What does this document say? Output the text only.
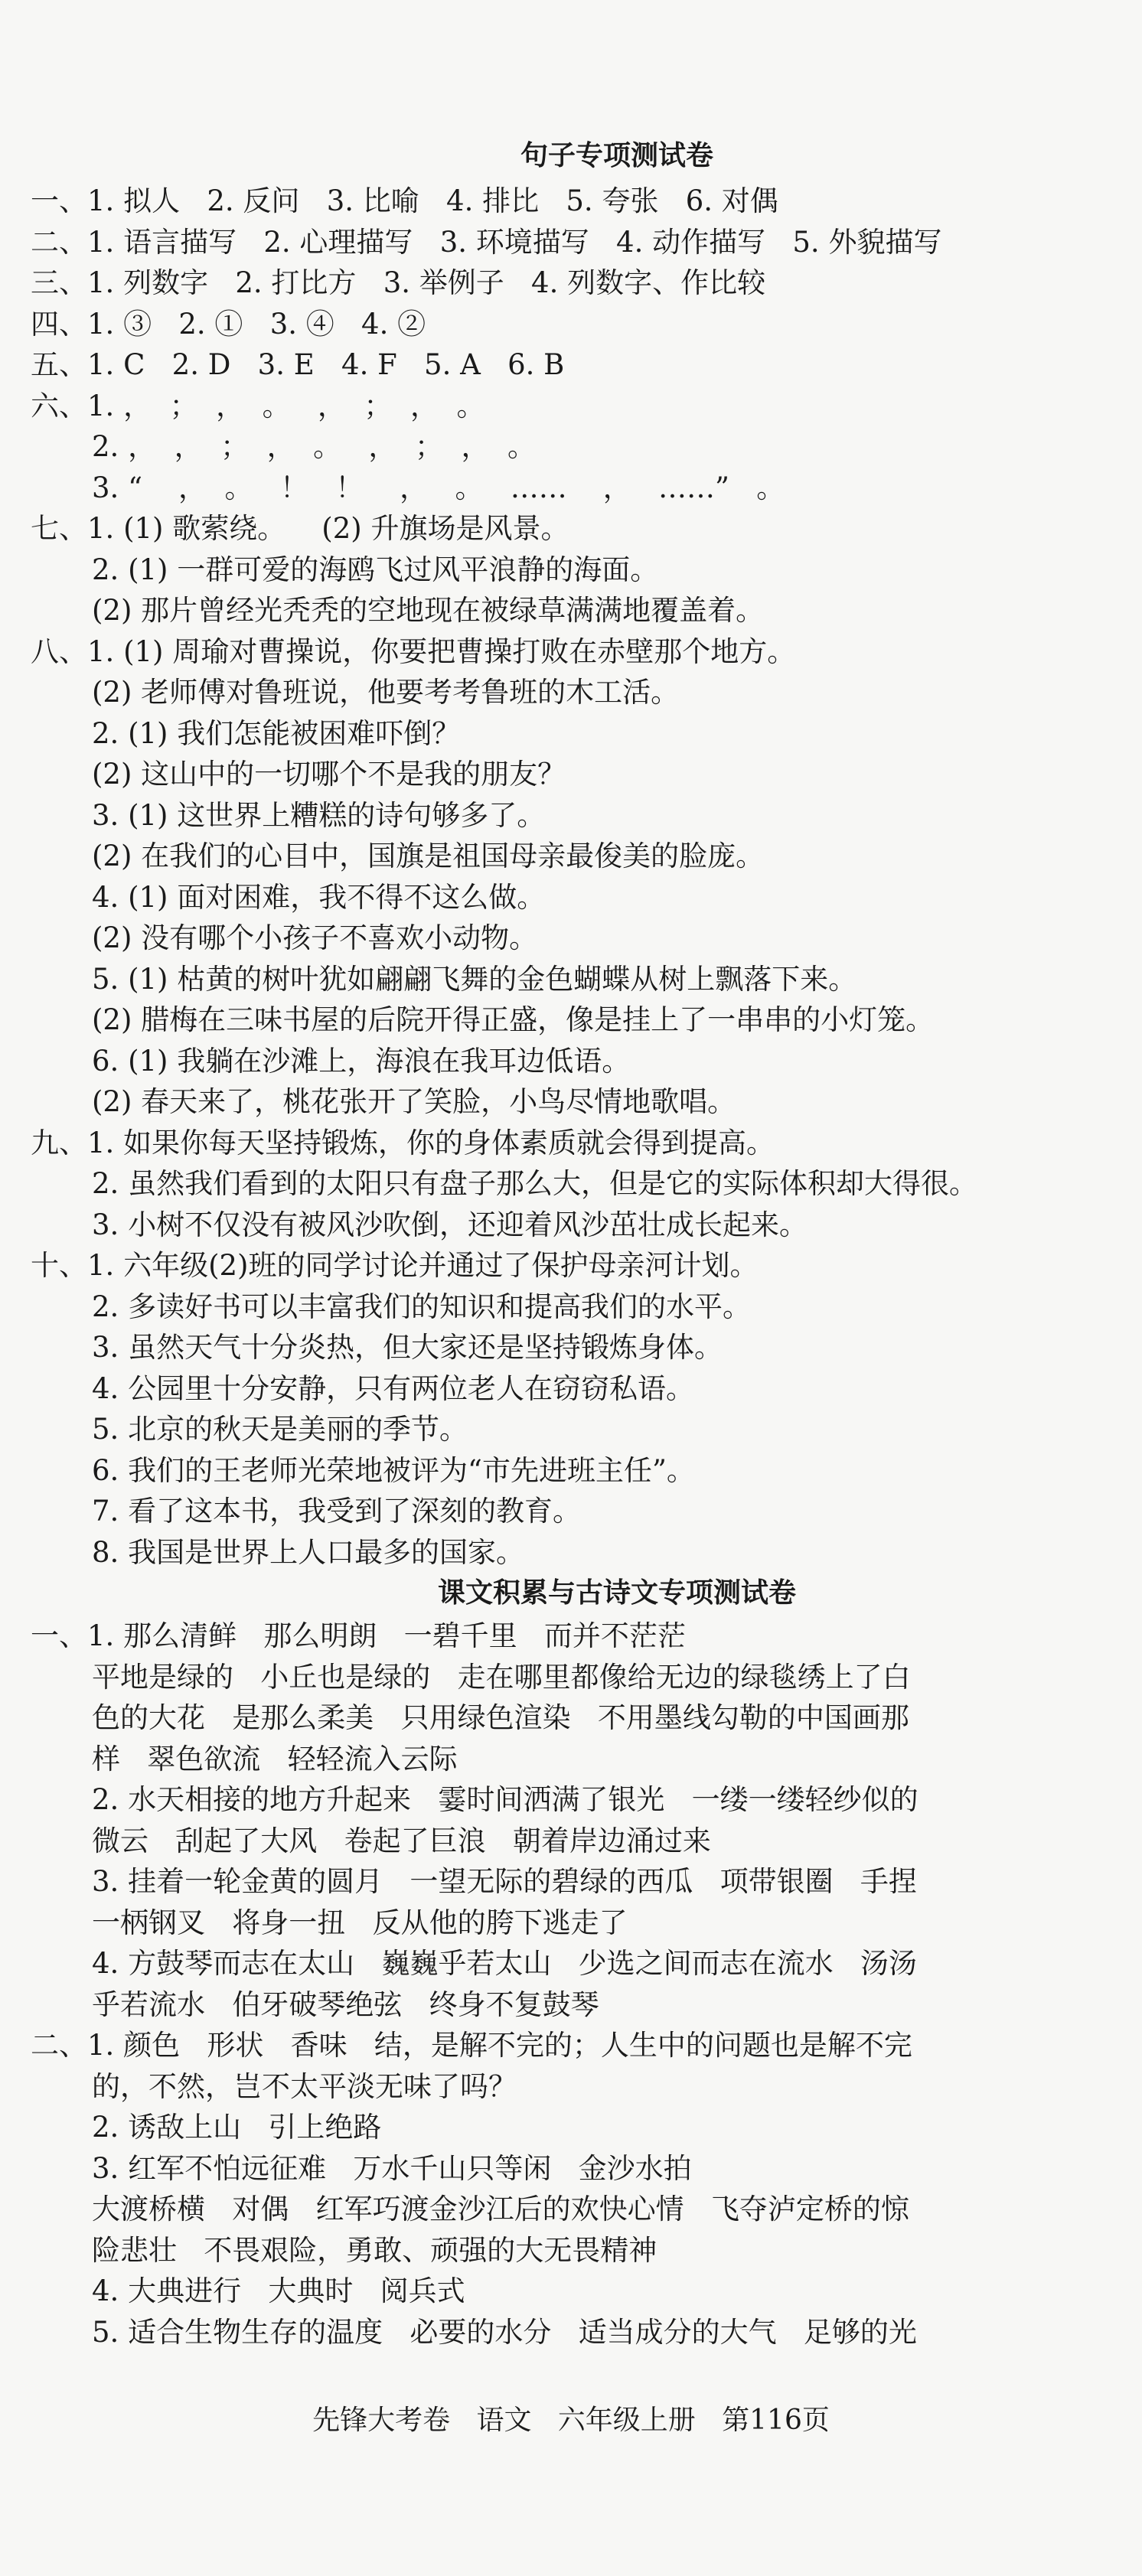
句子专项测试卷
一、1. 拟人   2. 反问   3. 比喻   4. 排比   5. 夸张   6. 对偶
二、1. 语言描写   2. 心理描写   3. 环境描写   4. 动作描写   5. 外貌描写
三、1. 列数字   2. 打比方   3. 举例子   4. 列数字、作比较
四、1. ③   2. ①   3. ④   4. ②
五、1. C   2. D   3. E   4. F   5. A   6. B
六、1. ，  ；  ，  。   ，  ；  ，  。
2. ，  ，  ；  ，  。   ，  ；  ，  。
3. “    ，  。   ！   ！    ，   。   ……    ，   ……”   。
七、1. (1) 歌萦绕。    (2) 升旗场是风景。
2. (1) 一群可爱的海鸥飞过风平浪静的海面。
(2) 那片曾经光秃秃的空地现在被绿草满满地覆盖着。
八、1. (1) 周瑜对曹操说，你要把曹操打败在赤壁那个地方。
(2) 老师傅对鲁班说，他要考考鲁班的木工活。
2. (1) 我们怎能被困难吓倒？
(2) 这山中的一切哪个不是我的朋友？
3. (1) 这世界上糟糕的诗句够多了。
(2) 在我们的心目中，国旗是祖国母亲最俊美的脸庞。
4. (1) 面对困难，我不得不这么做。
(2) 没有哪个小孩子不喜欢小动物。
5. (1) 枯黄的树叶犹如翩翩飞舞的金色蝴蝶从树上飘落下来。
(2) 腊梅在三味书屋的后院开得正盛，像是挂上了一串串的小灯笼。
6. (1) 我躺在沙滩上，海浪在我耳边低语。
(2) 春天来了，桃花张开了笑脸，小鸟尽情地歌唱。
九、1. 如果你每天坚持锻炼，你的身体素质就会得到提高。
2. 虽然我们看到的太阳只有盘子那么大，但是它的实际体积却大得很。
3. 小树不仅没有被风沙吹倒，还迎着风沙茁壮成长起来。
十、1. 六年级(2)班的同学讨论并通过了保护母亲河计划。
2. 多读好书可以丰富我们的知识和提高我们的水平。
3. 虽然天气十分炎热，但大家还是坚持锻炼身体。
4. 公园里十分安静，只有两位老人在窃窃私语。
5. 北京的秋天是美丽的季节。
6. 我们的王老师光荣地被评为“市先进班主任”。
7. 看了这本书，我受到了深刻的教育。
8. 我国是世界上人口最多的国家。
课文积累与古诗文专项测试卷
一、1. 那么清鲜   那么明朗   一碧千里   而并不茫茫
平地是绿的   小丘也是绿的   走在哪里都像给无边的绿毯绣上了白
色的大花   是那么柔美   只用绿色渲染   不用墨线勾勒的中国画那
样   翠色欲流   轻轻流入云际
2. 水天相接的地方升起来   霎时间洒满了银光   一缕一缕轻纱似的
微云   刮起了大风   卷起了巨浪   朝着岸边涌过来
3. 挂着一轮金黄的圆月   一望无际的碧绿的西瓜   项带银圈   手捏
一柄钢叉   将身一扭   反从他的胯下逃走了
4. 方鼓琴而志在太山   巍巍乎若太山   少选之间而志在流水   汤汤
乎若流水   伯牙破琴绝弦   终身不复鼓琴
二、1. 颜色   形状   香味   结，是解不完的；人生中的问题也是解不完
的，不然，岂不太平淡无味了吗？
2. 诱敌上山   引上绝路
3. 红军不怕远征难   万水千山只等闲   金沙水拍
大渡桥横   对偶   红军巧渡金沙江后的欢快心情   飞夺泸定桥的惊
险悲壮   不畏艰险，勇敢、顽强的大无畏精神
4. 大典进行   大典时   阅兵式
5. 适合生物生存的温度   必要的水分   适当成分的大气   足够的光
先锋大考卷   语文   六年级上册   第116页
